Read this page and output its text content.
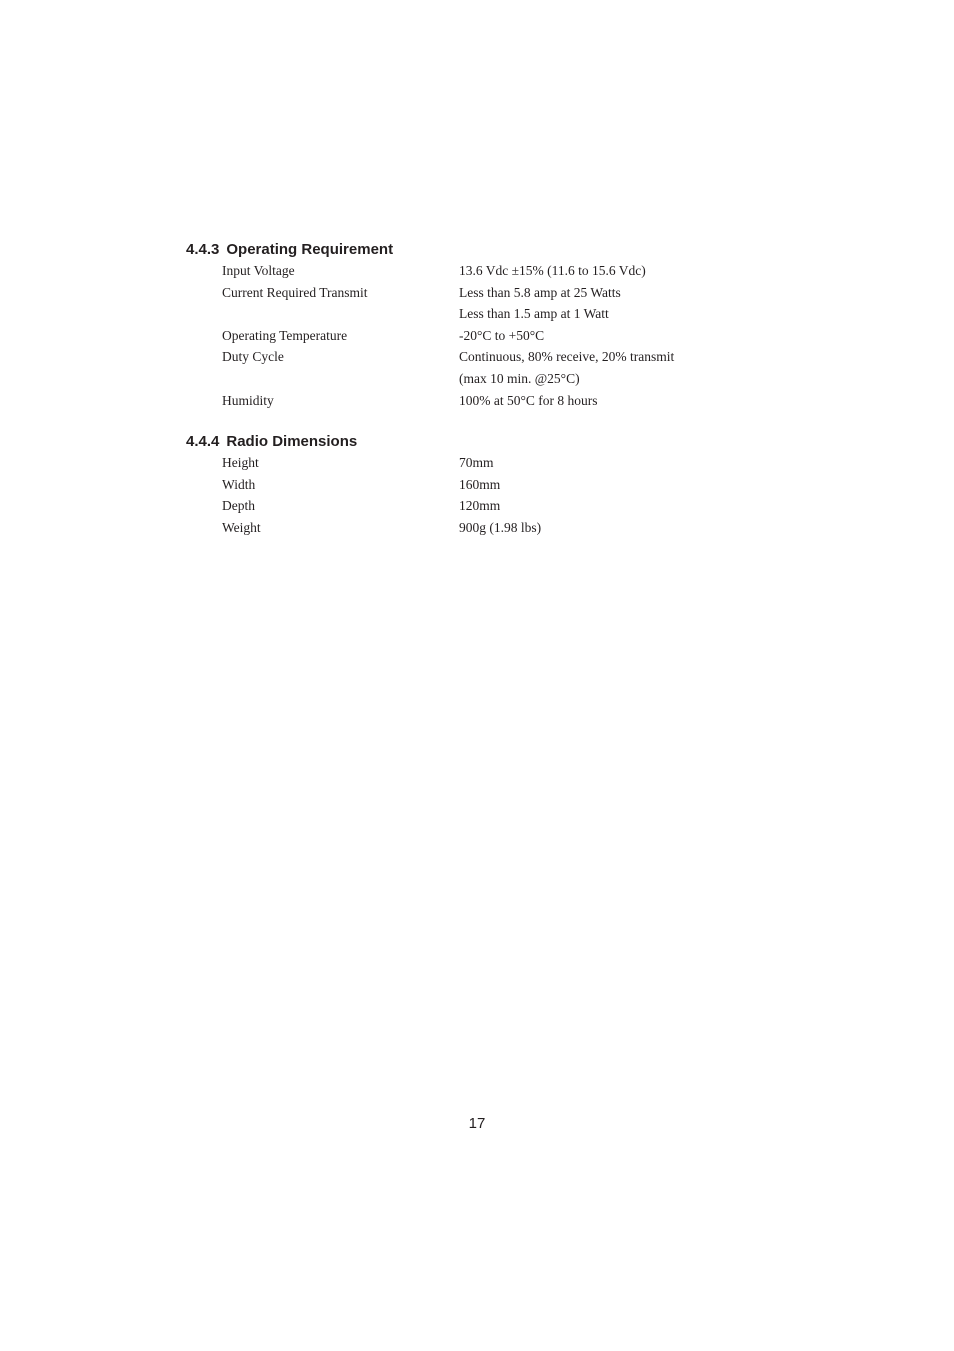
4.4.3 Operating Requirement
Input Voltage	13.6 Vdc ±15% (11.6 to 15.6 Vdc)
Current Required Transmit	Less than 5.8 amp at 25 Watts
Less than 1.5 amp at 1 Watt
Operating Temperature	-20°C to +50°C
Duty Cycle	Continuous, 80% receive, 20% transmit
(max 10 min. @25°C)
Humidity	100% at 50°C for 8 hours
4.4.4 Radio Dimensions
Height	70mm
Width	160mm
Depth	120mm
Weight	900g (1.98 lbs)
17
